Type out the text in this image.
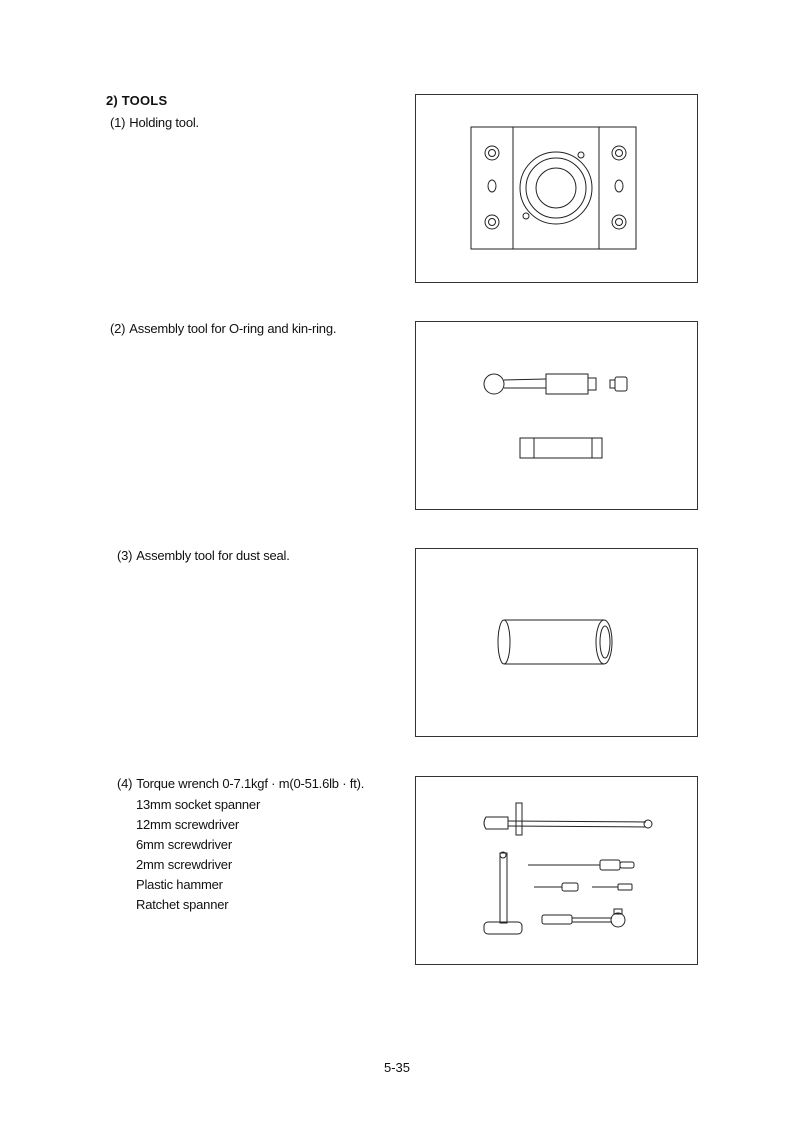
2) TOOLS
(1) Holding tool.
(2) Assembly tool for O-ring and kin-ring.
(3) Assembly tool for dust seal.
(4) Torque wrench 0-7.1kgf · m(0-51.6lb · ft).
13mm socket spanner
12mm screwdriver
6mm screwdriver
2mm screwdriver
Plastic hammer
Ratchet spanner
5-35
